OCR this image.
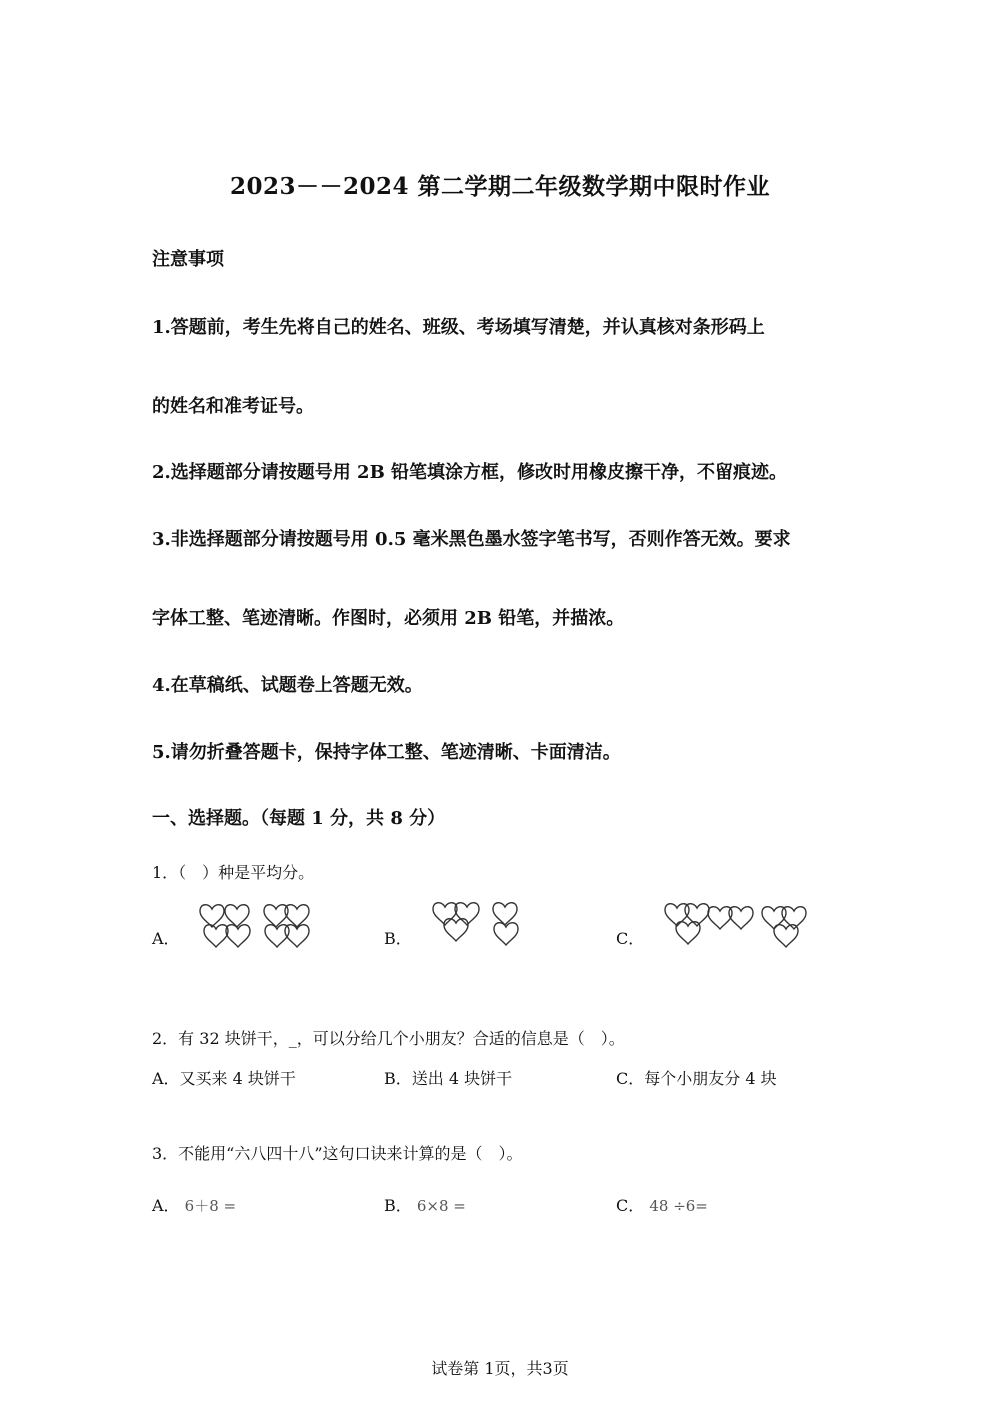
2023－－2024 第二学期二年级数学期中限时作业
注意事项
1.答题前，考生先将自己的姓名、班级、考场填写清楚，并认真核对条形码上
的姓名和准考证号。
2.选择题部分请按题号用 2B 铅笔填涂方框，修改时用橡皮擦干净，不留痕迹。
3.非选择题部分请按题号用 0.5 毫米黑色墨水签字笔书写，否则作答无效。要求
字体工整、笔迹清晰。作图时，必须用 2B 铅笔，并描浓。
4.在草稿纸、试题卷上答题无效。
5.请勿折叠答题卡，保持字体工整、笔迹清晰、卡面清洁。
一、选择题。（每题 1 分，共 8 分）
1．（　）种是平均分。
A．	B．	C．
2．有 32 块饼干，_，可以分给几个小朋友？合适的信息是（　）。
A．又买来 4 块饼干	B．送出 4 块饼干	C．每个小朋友分 4 块
3．不能用“六八四十八”这句口诀来计算的是（　）。
A． 6＋8 =	B． 6×8 =	C． 48 ÷6=
试卷第 1页，共3页
